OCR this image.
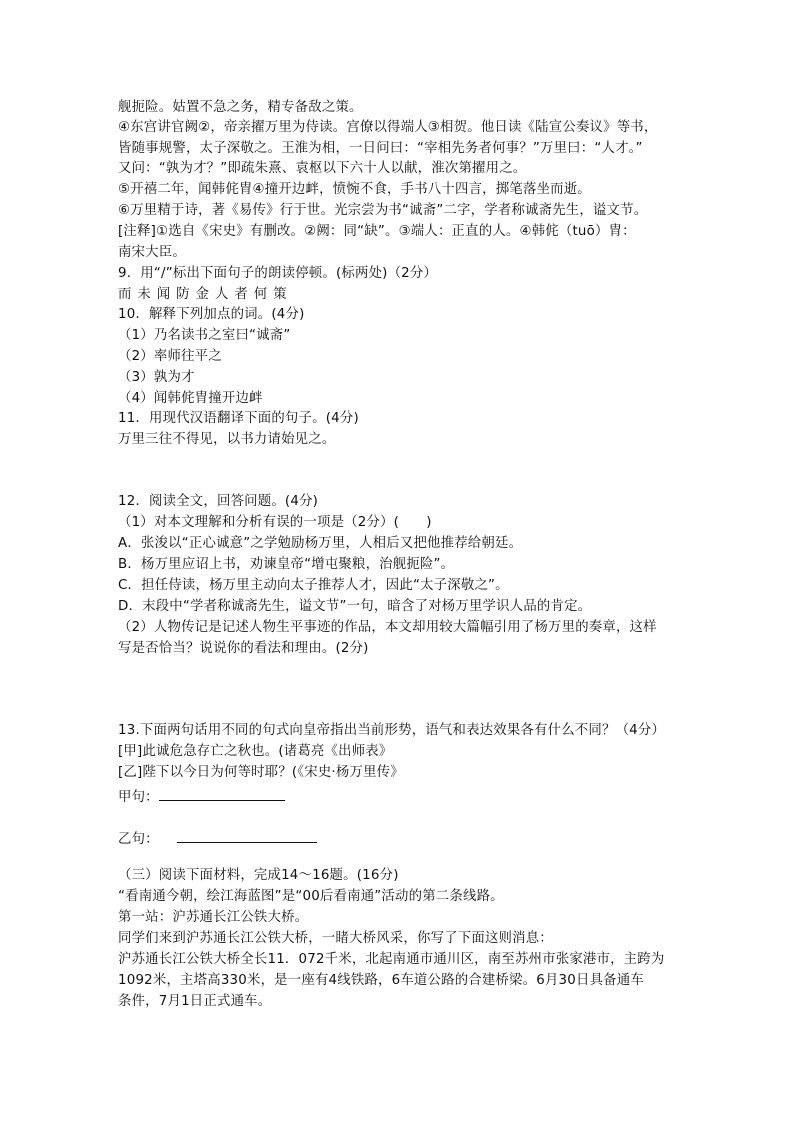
舰扼险。姑置不急之务，精专备敌之策。
④东宫讲官阙②，帝亲擢万里为侍读。宫僚以得端人③相贺。他日读《陆宣公奏议》等书，
皆随事规警，太子深敬之。王淮为相，一日问曰：“宰相先务者何事？”万里曰：“人才。”
又问：“孰为才？”即疏朱熹、袁枢以下六十人以献，淮次第擢用之。
⑤开禧二年，闻韩侂胄④撞开边衅，愤惋不食，手书八十四言，掷笔落坐而逝。
⑥万里精于诗，著《易传》行于世。光宗尝为书“诚斋”二字，学者称诚斋先生，谥文节。
[注释]①选自《宋史》有删改。②阙：同“缺”。③端人：正直的人。④韩侂（tuō）胄：
南宋大臣。
9．用“/”标出下面句子的朗读停顿。(标两处)（2分）
而未闻防金人者何策
10．解释下列加点的词。(4分)
（1）乃名读书之室曰“诚斋”
（2）率师往平之
（3）孰为才
（4）闻韩侂胄撞开边衅
11．用现代汉语翻译下面的句子。(4分)
万里三往不得见，以书力请始见之。
12．阅读全文，回答问题。(4分)
（1）对本文理解和分析有误的一项是（2分）(　　)
A．张浚以“正心诚意”之学勉励杨万里，人相后又把他推荐给朝廷。
B．杨万里应诏上书，劝谏皇帝“增屯聚粮，治舰扼险”。
C．担任侍读，杨万里主动向太子推荐人才，因此“太子深敬之”。
D．末段中“学者称诚斋先生，谥文节”一句，暗含了对杨万里学识人品的肯定。
（2）人物传记是记述人物生平事迹的作品，本文却用较大篇幅引用了杨万里的奏章，这样
写是否恰当？说说你的看法和理由。(2分)
13.下面两句话用不同的句式向皇帝指出当前形势，语气和表达效果各有什么不同？（4分）
[甲]此诚危急存亡之秋也。(诸葛亮《出师表》
[乙]陛下以今日为何等时耶？(《宋史·杨万里传》
甲句：
乙句：
（三）阅读下面材料，完成14～16题。(16分)
“看南通今朝，绘江海蓝图”是“00后看南通”活动的第二条线路。
第一站：沪苏通长江公铁大桥。
同学们来到沪苏通长江公铁大桥，一睹大桥风采，你写了下面这则消息：
沪苏通长江公铁大桥全长11．072千米，北起南通市通川区，南至苏州市张家港市，主跨为
1092米，主塔高330米，是一座有4线铁路，6车道公路的合建桥梁。6月30日具备通车
条件，7月1日正式通车。
